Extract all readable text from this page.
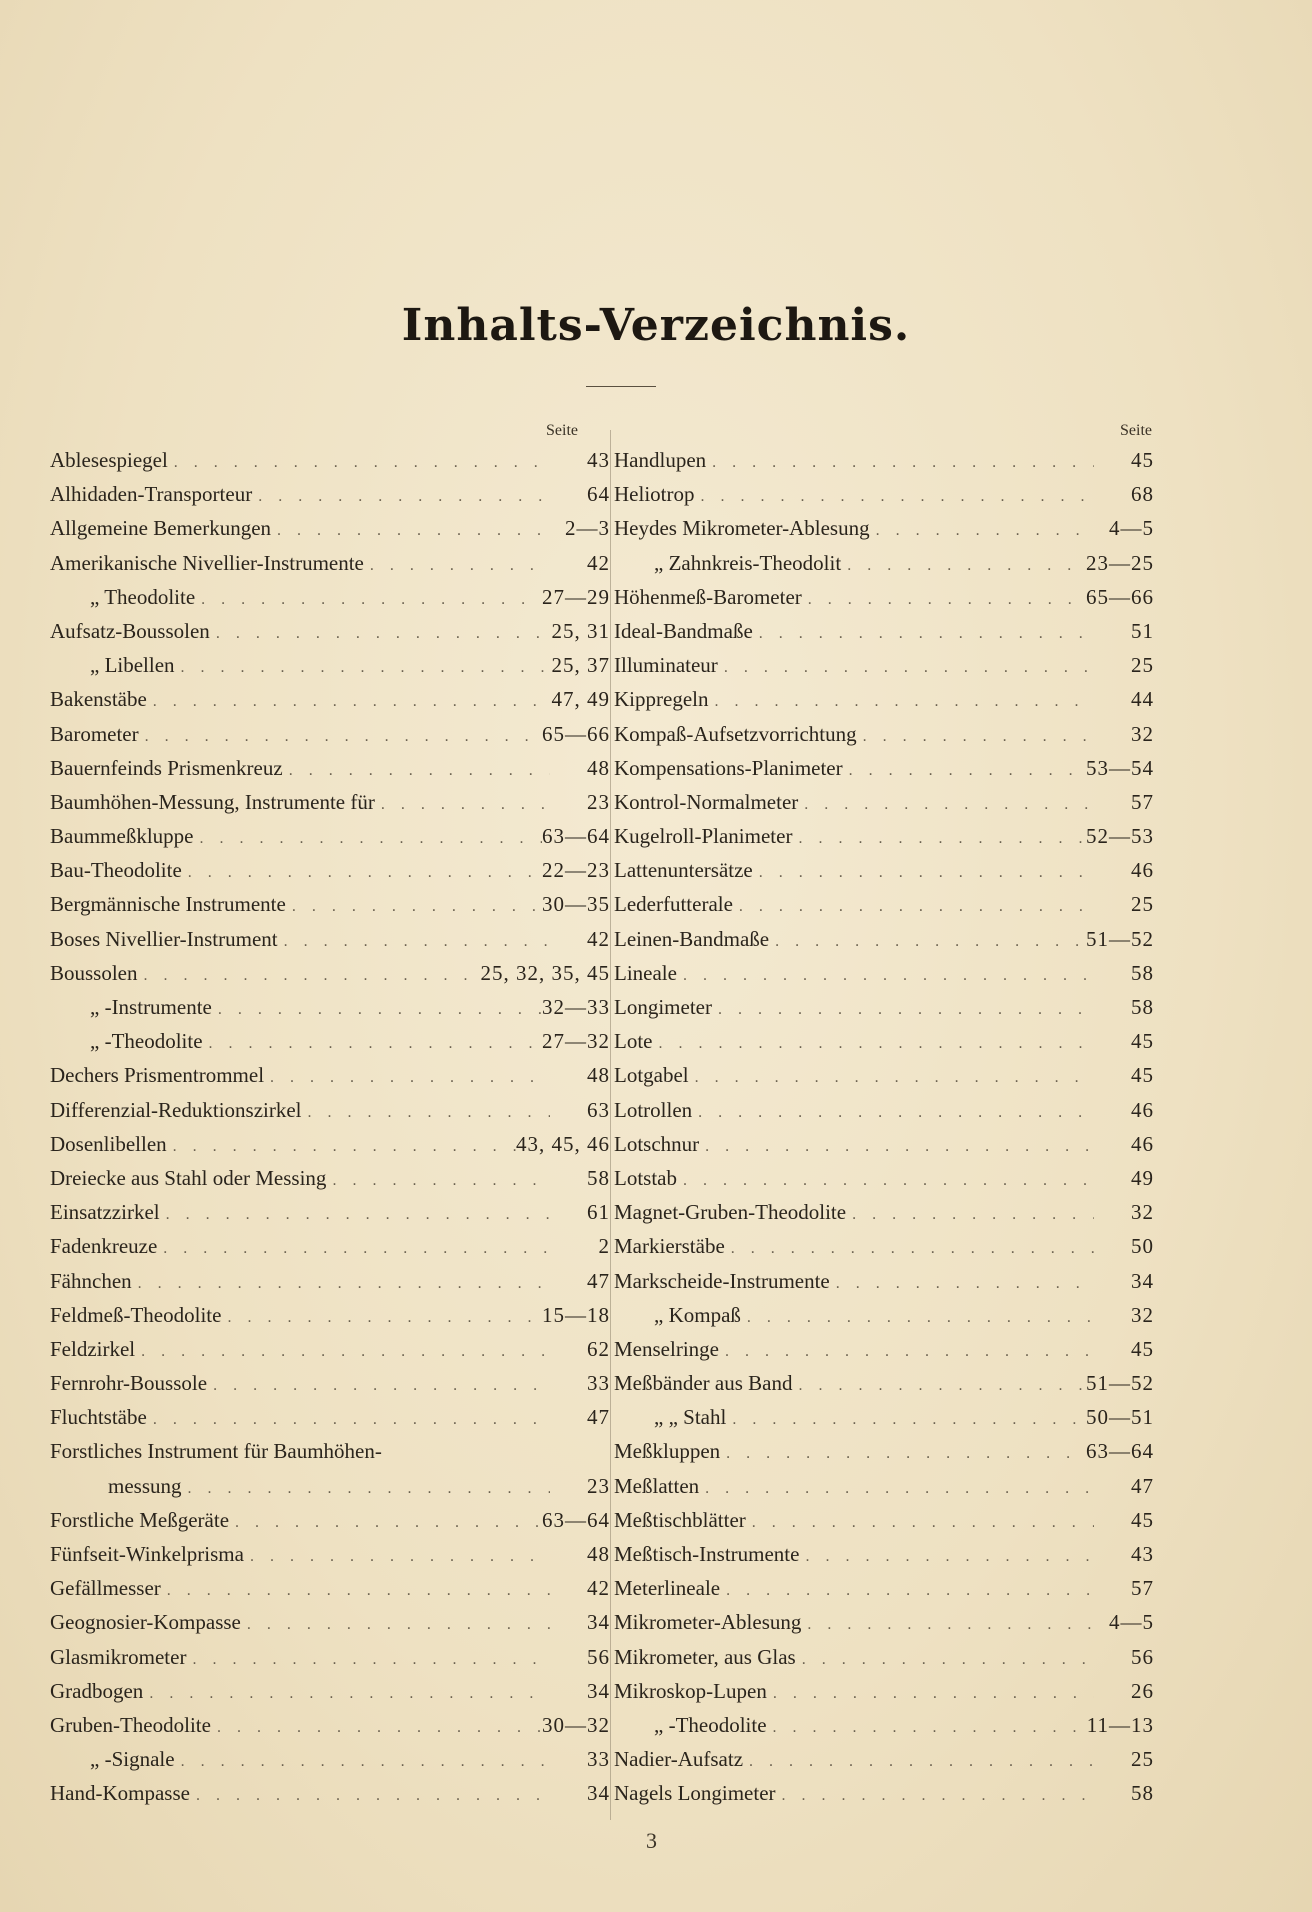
Inhalts-Verzeichnis.
Seite
Ablesespiegel . . .	43
Alhidaden-Transporteur . . .	64
Allgemeine Bemerkungen . . .	2—3
Amerikanische Nivellier-Instrumente . . .	42
„ Theodolite . . .	27—29
Aufsatz-Boussolen . . .	25, 31
„ Libellen . . .	25, 37
Bakenstäbe . . .	47, 49
Barometer . . .	65—66
Bauernfeinds Prismenkreuz . . .	48
Baumhöhen-Messung, Instrumente für . . .	23
Baummeßkluppe . . .	63—64
Bau-Theodolite . . .	22—23
Bergmännische Instrumente . . .	30—35
Boses Nivellier-Instrument . . .	42
Boussolen . . .	25, 32, 35, 45
„ -Instrumente . . .	32—33
„ -Theodolite . . .	27—32
Dechers Prismentrommel . . .	48
Differenzial-Reduktionszirkel . . .	63
Dosenlibellen . . .	43, 45, 46
Dreiecke aus Stahl oder Messing . . .	58
Einsatzzirkel . . .	61
Fadenkreuze . . .	2
Fähnchen . . .	47
Feldmeß-Theodolite . . .	15—18
Feldzirkel . . .	62
Fernrohr-Boussole . . .	33
Fluchtstäbe . . .	47
Forstliches Instrument für Baumhöhen-
messung . . .	23
Forstliche Meßgeräte . . .	63—64
Fünfseit-Winkelprisma . . .	48
Gefällmesser . . .	42
Geognosier-Kompasse . . .	34
Glasmikrometer . . .	56
Gradbogen . . .	34
Gruben-Theodolite . . .	30—32
„ -Signale . . .	33
Hand-Kompasse . . .	34
Seite
Handlupen . . .	45
Heliotrop . . .	68
Heydes Mikrometer-Ablesung . . .	4—5
„ Zahnkreis-Theodolit . . .	23—25
Höhenmeß-Barometer . . .	65—66
Ideal-Bandmaße . . .	51
Illuminateur . . .	25
Kippregeln . . .	44
Kompaß-Aufsetzvorrichtung . . .	32
Kompensations-Planimeter . . .	53—54
Kontrol-Normalmeter . . .	57
Kugelroll-Planimeter . . .	52—53
Lattenuntersätze . . .	46
Lederfutterale . . .	25
Leinen-Bandmaße . . .	51—52
Lineale . . .	58
Longimeter . . .	58
Lote . . .	45
Lotgabel . . .	45
Lotrollen . . .	46
Lotschnur . . .	46
Lotstab . . .	49
Magnet-Gruben-Theodolite . . .	32
Markierstäbe . . .	50
Markscheide-Instrumente . . .	34
„ Kompaß . . .	32
Menselringe . . .	45
Meßbänder aus Band . . .	51—52
„ „ Stahl . . .	50—51
Meßkluppen . . .	63—64
Meßlatten . . .	47
Meßtischblätter . . .	45
Meßtisch-Instrumente . . .	43
Meterlineale . . .	57
Mikrometer-Ablesung . . .	4—5
Mikrometer, aus Glas . . .	56
Mikroskop-Lupen . . .	26
„ -Theodolite . . .	11—13
Nadier-Aufsatz . . .	25
Nagels Longimeter . . .	58
3
